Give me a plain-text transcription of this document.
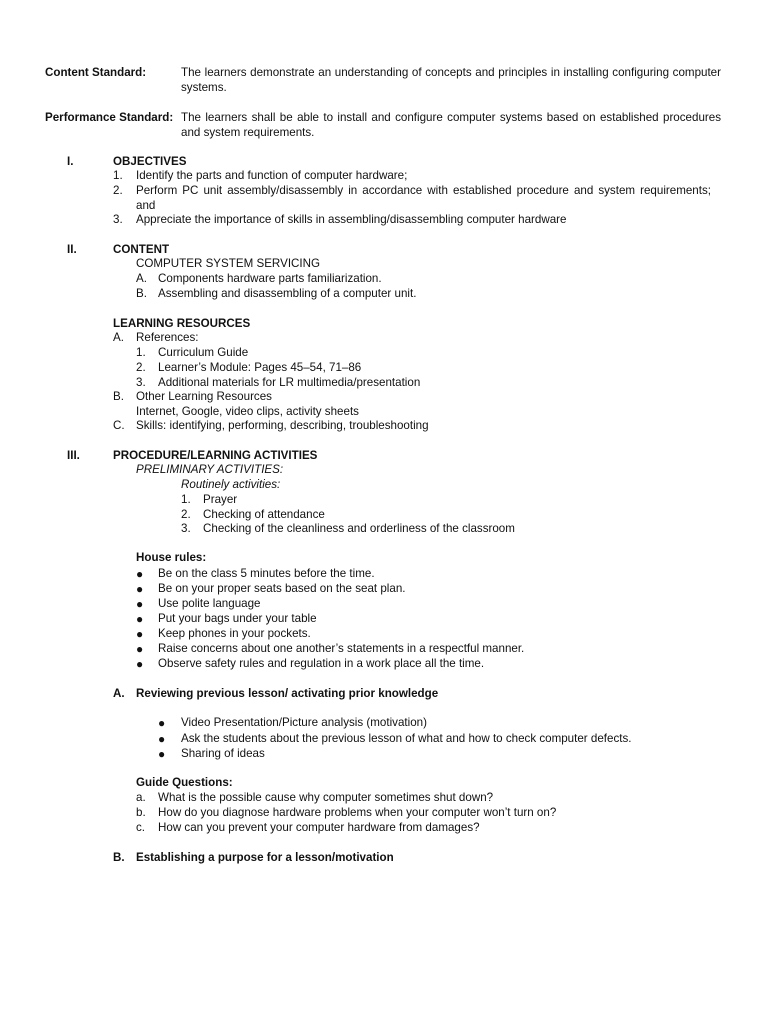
Content Standard:	The learners demonstrate an understanding of concepts and principles in installing configuring computer systems.
Performance Standard: The learners shall be able to install and configure computer systems based on established procedures and system requirements.
I.	OBJECTIVES
1. Identify the parts and function of computer hardware;
2. Perform PC unit assembly/disassembly in accordance with established procedure and system requirements; and
3. Appreciate the importance of skills in assembling/disassembling computer hardware
II.	CONTENT
COMPUTER SYSTEM SERVICING
A. Components hardware parts familiarization.
B. Assembling and disassembling of a computer unit.
LEARNING RESOURCES
A. References:
1. Curriculum Guide
2. Learner’s Module: Pages 45–54, 71–86
3. Additional materials for LR multimedia/presentation
B. Other Learning Resources
Internet, Google, video clips, activity sheets
C. Skills: identifying, performing, describing, troubleshooting
III.	PROCEDURE/LEARNING ACTIVITIES
PRELIMINARY ACTIVITIES:
Routinely activities:
1. Prayer
2. Checking of attendance
3. Checking of the cleanliness and orderliness of the classroom
House rules:
● Be on the class 5 minutes before the time.
● Be on your proper seats based on the seat plan.
● Use polite language
● Put your bags under your table
● Keep phones in your pockets.
● Raise concerns about one another’s statements in a respectful manner.
● Observe safety rules and regulation in a work place all the time.
A. Reviewing previous lesson/ activating prior knowledge
● Video Presentation/Picture analysis (motivation)
● Ask the students about the previous lesson of what and how to check computer defects.
● Sharing of ideas
Guide Questions:
a. What is the possible cause why computer sometimes shut down?
b. How do you diagnose hardware problems when your computer won’t turn on?
c. How can you prevent your computer hardware from damages?
B. Establishing a purpose for a lesson/motivation
